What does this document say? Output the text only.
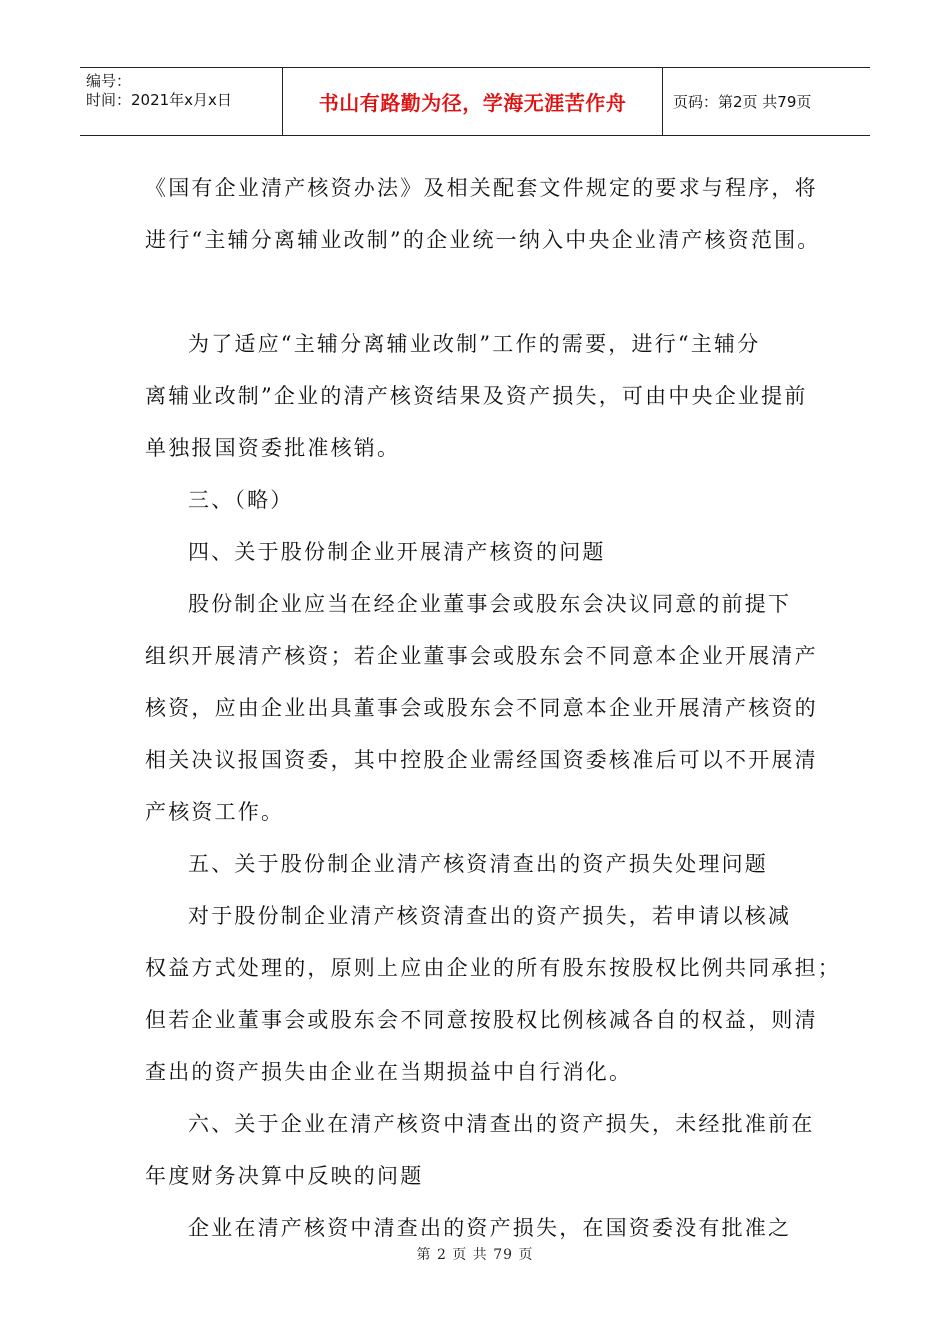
编号：
时间：2021年x月x日	书山有路勤为径，学海无涯苦作舟	页码：第2页 共79页
《国有企业清产核资办法》及相关配套文件规定的要求与程序，将
进行“主辅分离辅业改制”的企业统一纳入中央企业清产核资范围。
为了适应“主辅分离辅业改制”工作的需要，进行“主辅分
离辅业改制”企业的清产核资结果及资产损失，可由中央企业提前
单独报国资委批准核销。
三、（略）
四、关于股份制企业开展清产核资的问题
股份制企业应当在经企业董事会或股东会决议同意的前提下
组织开展清产核资；若企业董事会或股东会不同意本企业开展清产
核资，应由企业出具董事会或股东会不同意本企业开展清产核资的
相关决议报国资委，其中控股企业需经国资委核准后可以不开展清
产核资工作。
五、关于股份制企业清产核资清查出的资产损失处理问题
对于股份制企业清产核资清查出的资产损失，若申请以核减
权益方式处理的，原则上应由企业的所有股东按股权比例共同承担；
但若企业董事会或股东会不同意按股权比例核减各自的权益，则清
查出的资产损失由企业在当期损益中自行消化。
六、关于企业在清产核资中清查出的资产损失，未经批准前在
年度财务决算中反映的问题
企业在清产核资中清查出的资产损失，在国资委没有批准之
第 2 页 共 79 页
